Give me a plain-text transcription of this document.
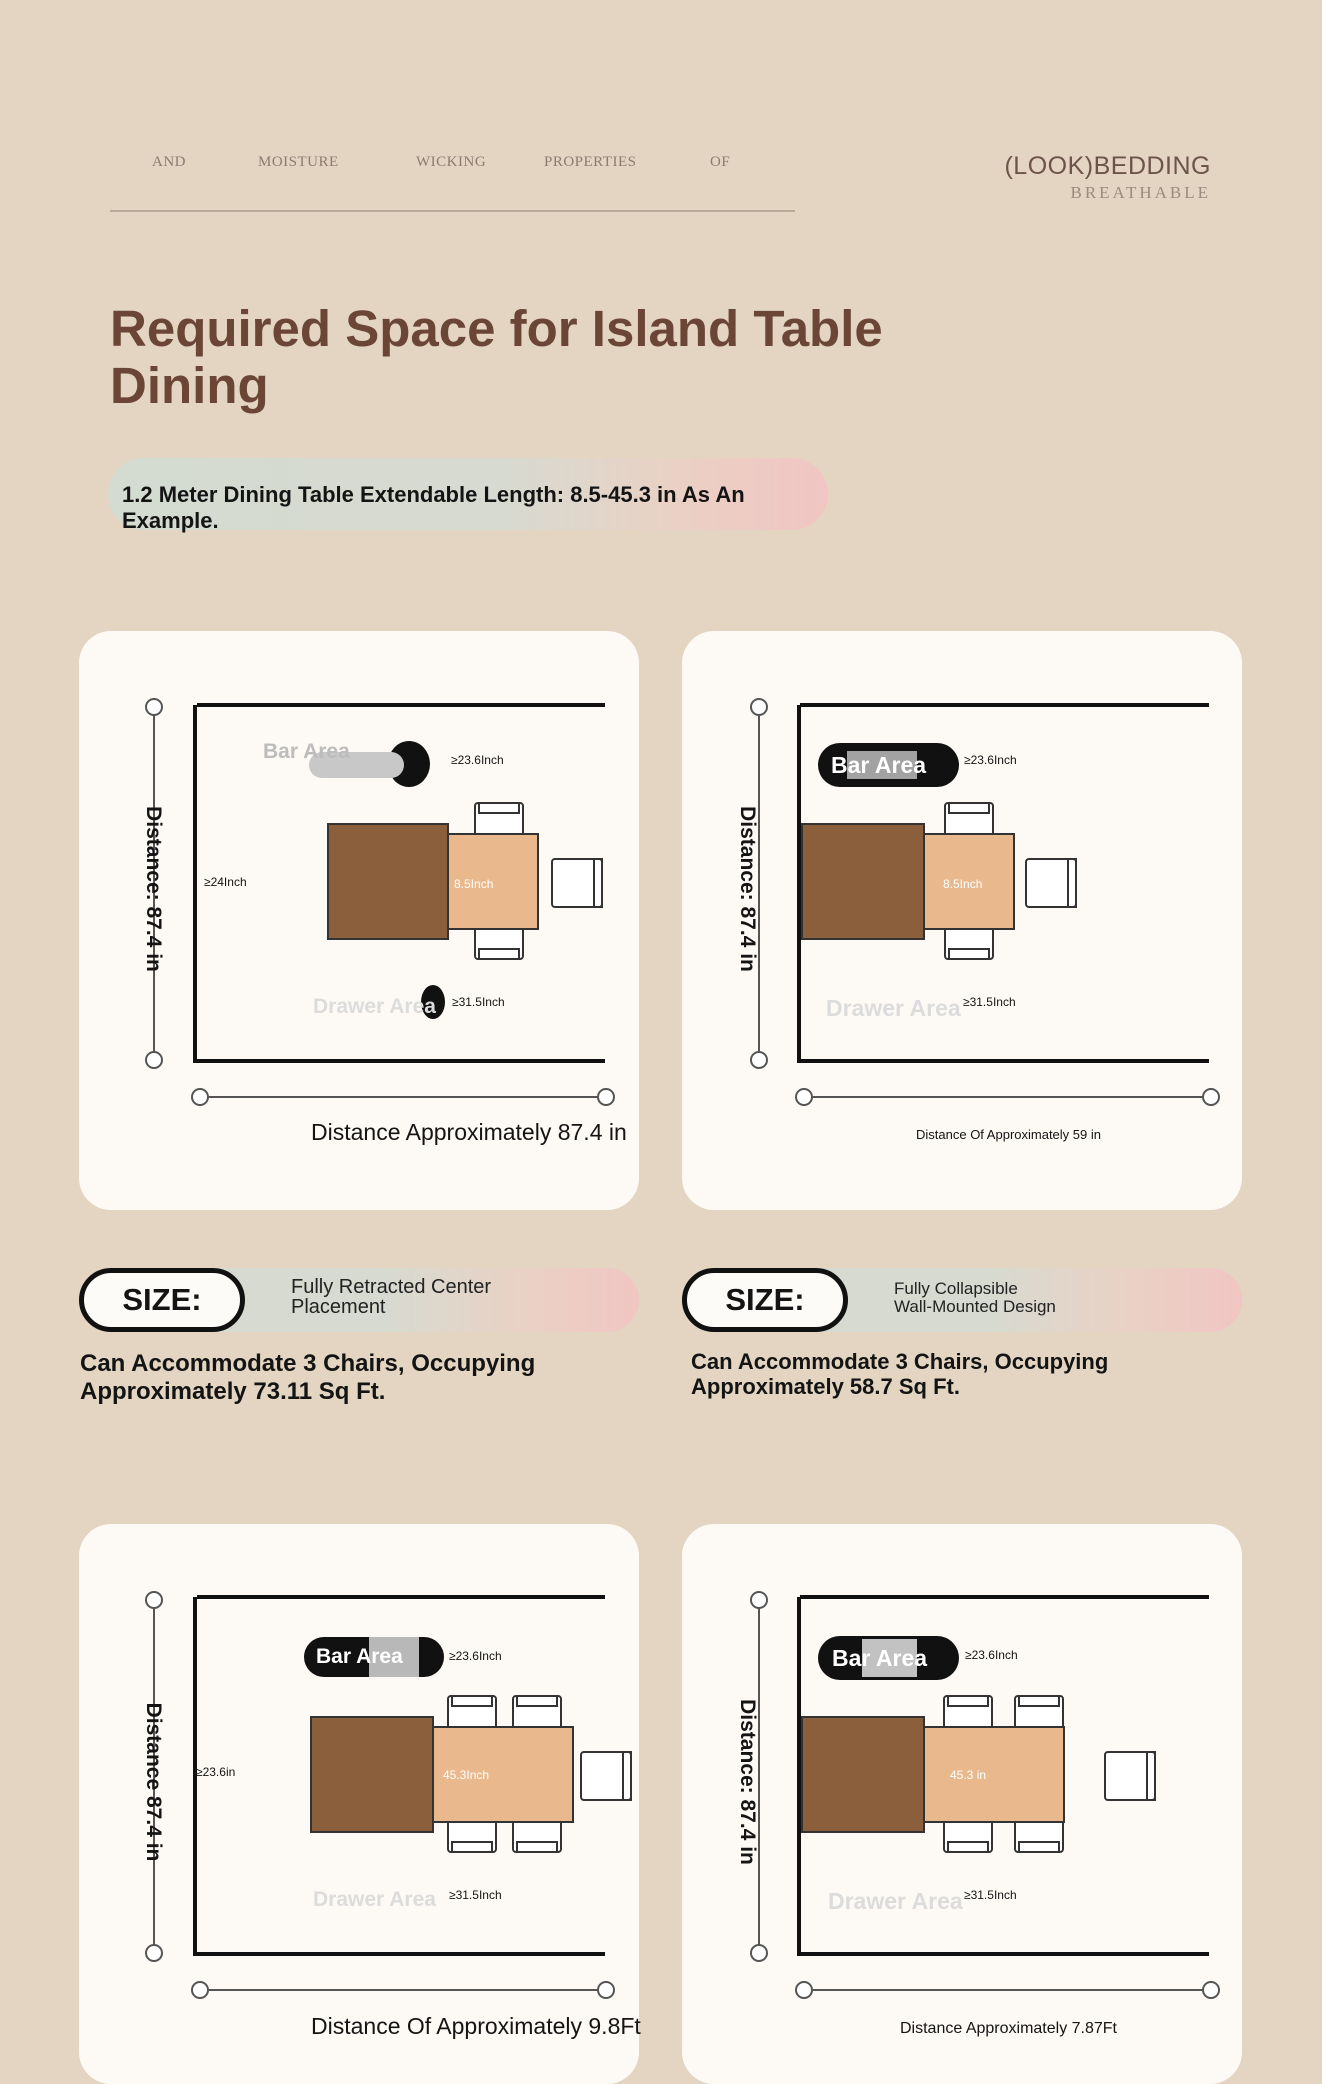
AND	MOISTURE	WICKING	PROPERTIES	OF	(LOOK)BEDDING
BREATHABLE
Required Space for Island Table
Dining
1.2 Meter Dining Table Extendable Length: 8.5-45.3 in As An Example.
Distance: 87.4 in
Bar Area	≥23.6Inch
≥24Inch	8.5Inch
Drawer Area ≥31.5Inch
Distance Approximately 87.4 in
Distance: 87.4 in
Bar Area	≥23.6Inch
8.5Inch
Drawer Area ≥31.5Inch
Distance Of Approximately 59 in
SIZE:	Fully Retracted Center
Placement	SIZE:	Fully Collapsible
Wall-Mounted Design
Can Accommodate 3 Chairs, Occupying
Approximately 73.11 Sq Ft.
Can Accommodate 3 Chairs, Occupying
Approximately 58.7 Sq Ft.
Distance 87.4 in
Bar Area	≥23.6Inch
≥23.6in	45.3Inch
Drawer Area ≥31.5Inch
Distance Of Approximately 9.8Ft
Distance: 87.4 in
Bar Area	≥23.6Inch
45.3 in
Drawer Area ≥31.5Inch
Distance Approximately 7.87Ft
